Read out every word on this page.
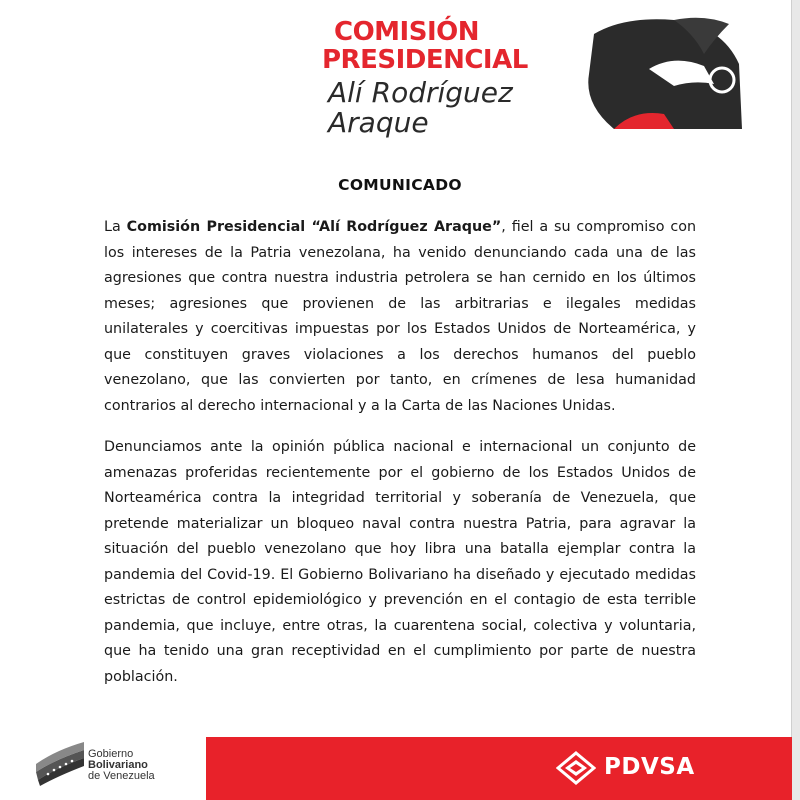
COMISIÓN
PRESIDENCIAL
Alí Rodríguez
Araque
COMUNICADO

La Comisión Presidencial “Alí Rodríguez Araque”, fiel a su compromiso con los intereses de la Patria venezolana, ha venido denunciando cada una de las agresiones que contra nuestra industria petrolera se han cernido en los últimos meses; agresiones que provienen de las arbitrarias e ilegales medidas unilaterales y coercitivas impuestas por los Estados Unidos de Norteamérica, y que constituyen graves violaciones a los derechos humanos del pueblo venezolano, que las convierten por tanto, en crímenes de lesa humanidad contrarios al derecho internacional y a la Carta de las Naciones Unidas.

Denunciamos ante la opinión pública nacional e internacional un conjunto de amenazas proferidas recientemente por el gobierno de los Estados Unidos de Norteamérica contra la integridad territorial y soberanía de Venezuela, que pretende materializar un bloqueo naval contra nuestra Patria, para agravar la situación del pueblo venezolano que hoy libra una batalla ejemplar contra la pandemia del Covid-19. El Gobierno Bolivariano ha diseñado y ejecutado medidas estrictas de control epidemiológico y prevención en el contagio de esta terrible pandemia, que incluye, entre otras, la cuarentena social, colectiva y voluntaria, que ha tenido una gran receptividad en el cumplimiento por parte de nuestra población.

Gobierno
Bolivariano
de Venezuela	PDVSA
